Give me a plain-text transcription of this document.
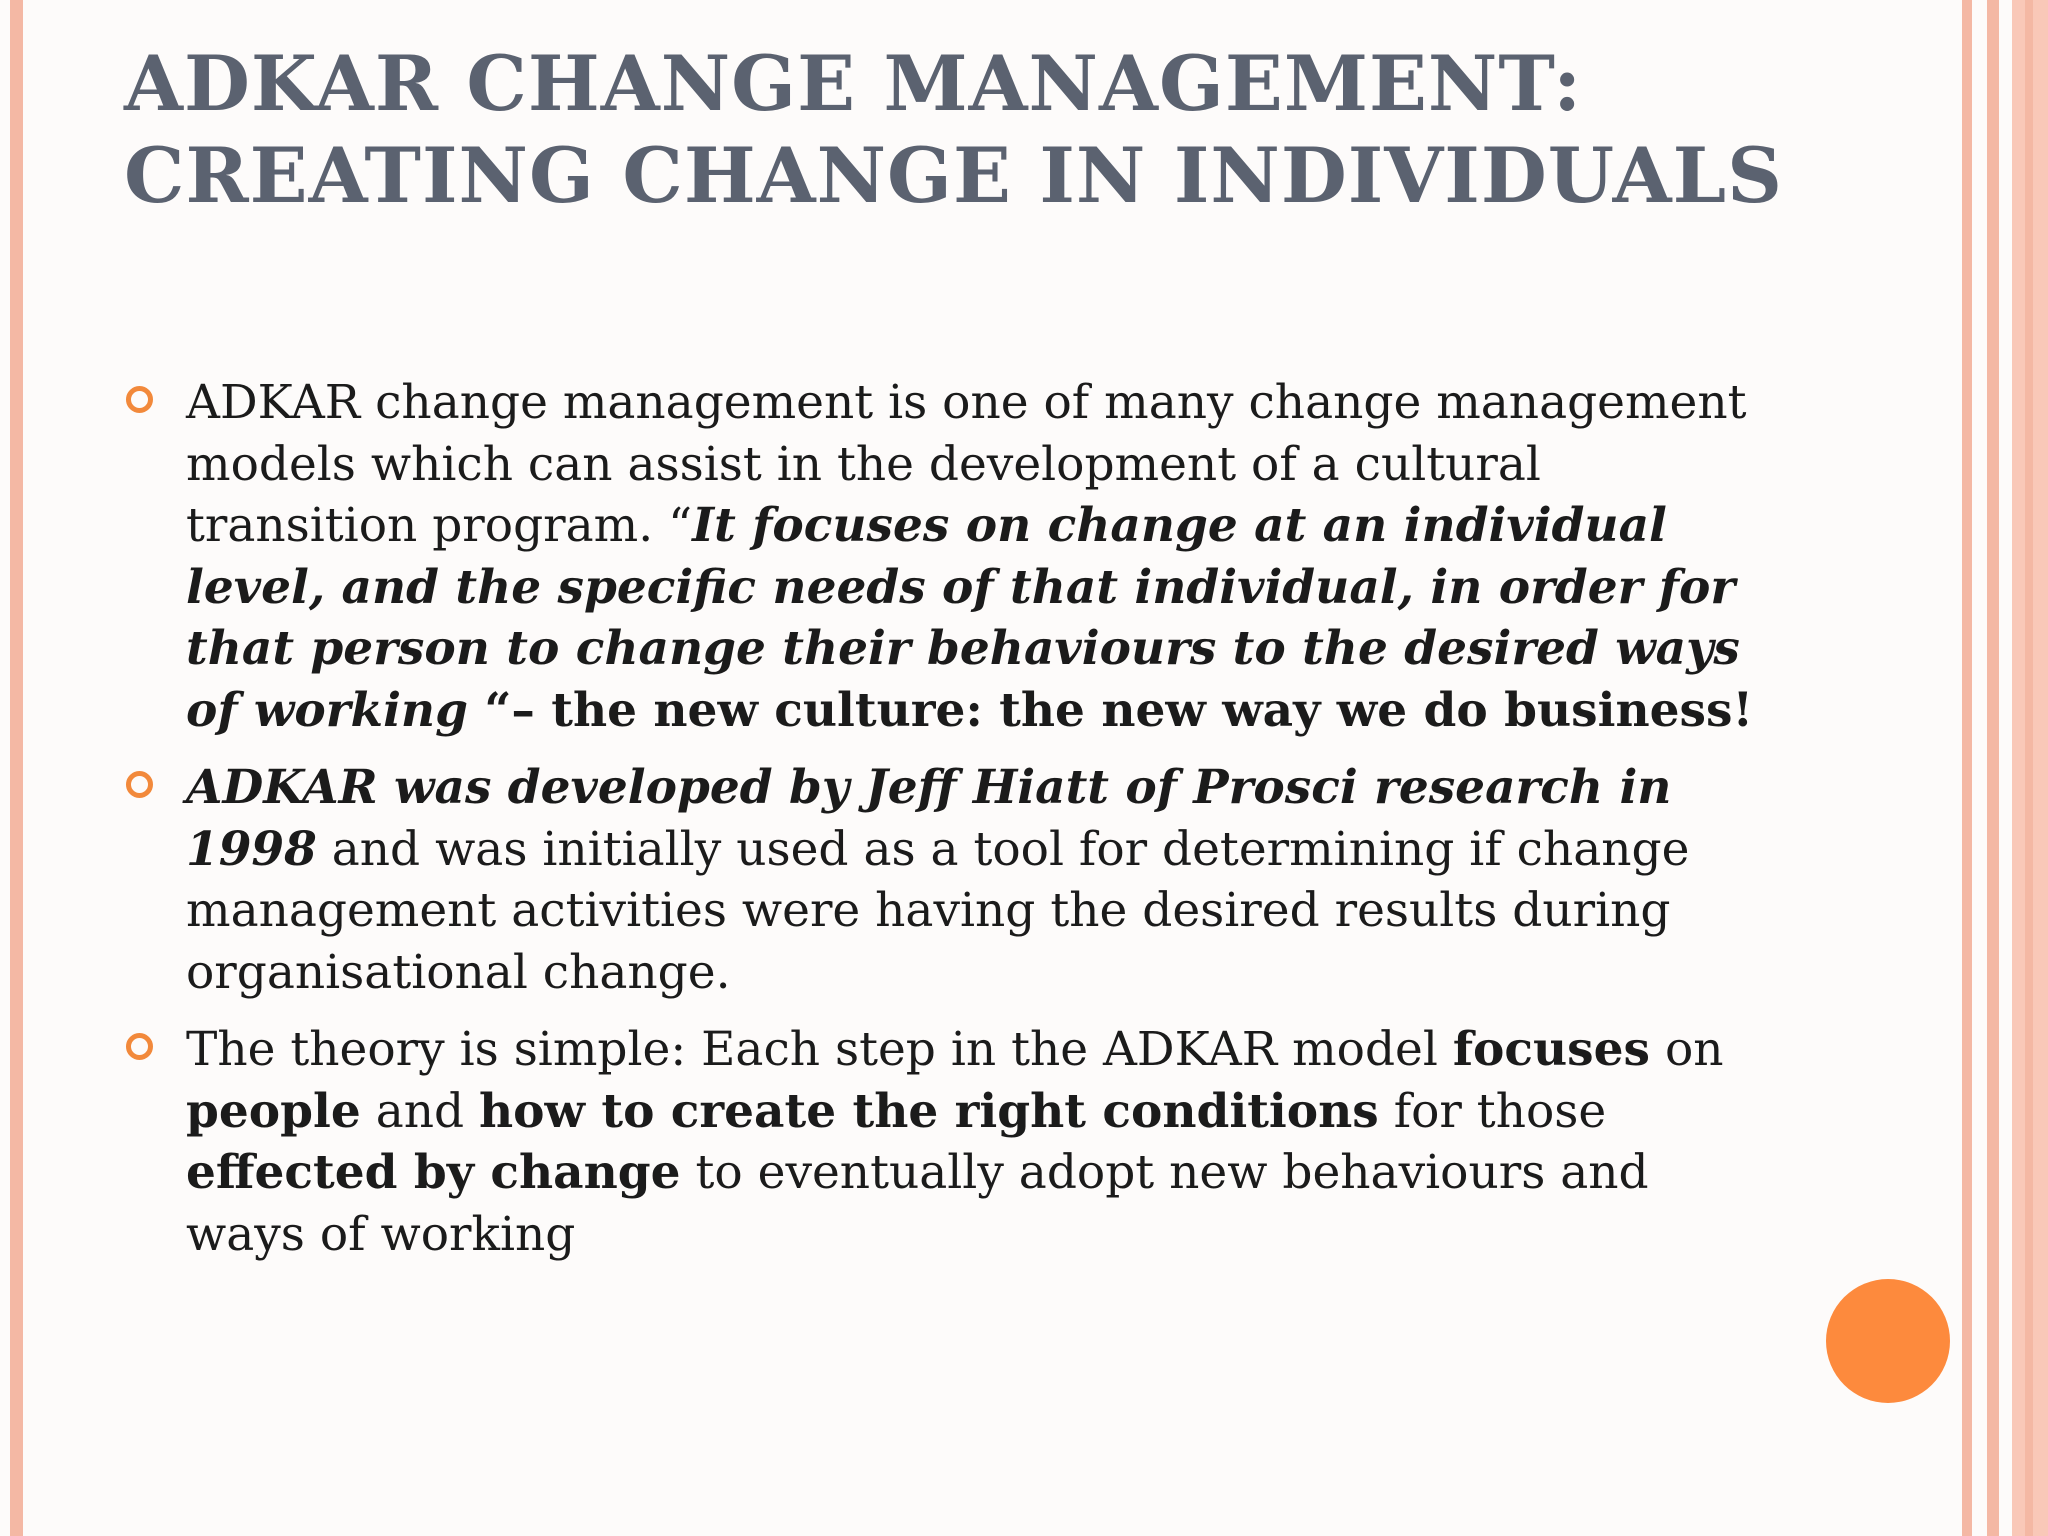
ADKAR CHANGE MANAGEMENT:
CREATING CHANGE IN INDIVIDUALS
ADKAR change management is one of many change management models which can assist in the development of a cultural transition program. “It focuses on change at an individual level, and the specific needs of that individual, in order for that person to change their behaviours to the desired ways of working “– the new culture: the new way we do business!
ADKAR was developed by Jeff Hiatt of Prosci research in 1998 and was initially used as a tool for determining if change management activities were having the desired results during organisational change.
The theory is simple: Each step in the ADKAR model focuses on people and how to create the right conditions for those effected by change to eventually adopt new behaviours and ways of working
